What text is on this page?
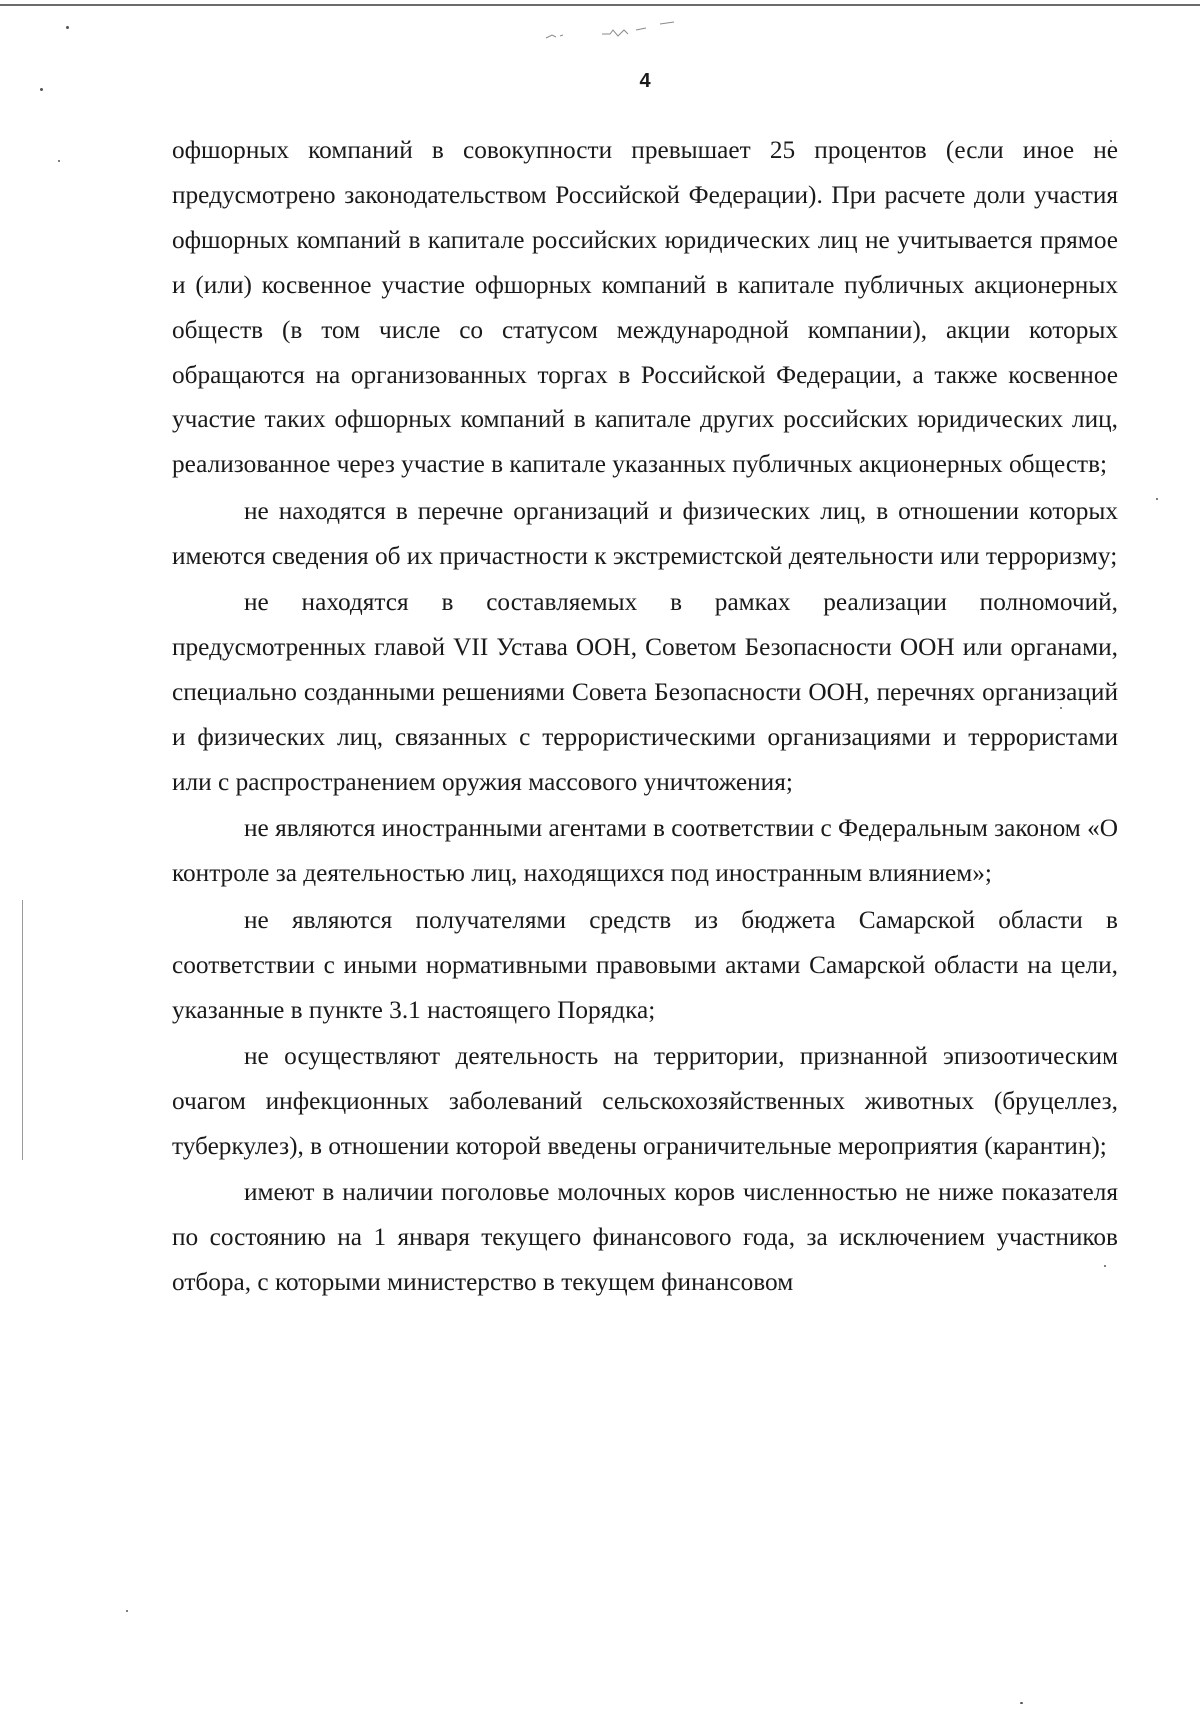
4

офшорных компаний в совокупности превышает 25 процентов (если иное не предусмотрено законодательством Российской Федерации). При расчете доли участия офшорных компаний в капитале российских юридических лиц не учитывается прямое и (или) косвенное участие офшорных компаний в капитале публичных акционерных обществ (в том числе со статусом международной компании), акции которых обращаются на организованных торгах в Российской Федерации, а также косвенное участие таких офшорных компаний в капитале других российских юридических лиц, реализованное через участие в капитале указанных публичных акционерных обществ;

не находятся в перечне организаций и физических лиц, в отношении которых имеются сведения об их причастности к экстремистской деятельности или терроризму;

не находятся в составляемых в рамках реализации полномочий, предусмотренных главой VII Устава ООН, Советом Безопасности ООН или органами, специально созданными решениями Совета Безопасности ООН, перечнях организаций и физических лиц, связанных с террористическими организациями и террористами или с распространением оружия массового уничтожения;

не являются иностранными агентами в соответствии с Федеральным законом «О контроле за деятельностью лиц, находящихся под иностранным влиянием»;

не являются получателями средств из бюджета Самарской области в соответствии с иными нормативными правовыми актами Самарской области на цели, указанные в пункте 3.1 настоящего Порядка;

не осуществляют деятельность на территории, признанной эпизоотическим очагом инфекционных заболеваний сельскохозяйственных животных (бруцеллез, туберкулез), в отношении которой введены ограничительные мероприятия (карантин);

имеют в наличии поголовье молочных коров численностью не ниже показателя по состоянию на 1 января текущего финансового года, за исключением участников отбора, с которыми министерство в текущем финансовом
